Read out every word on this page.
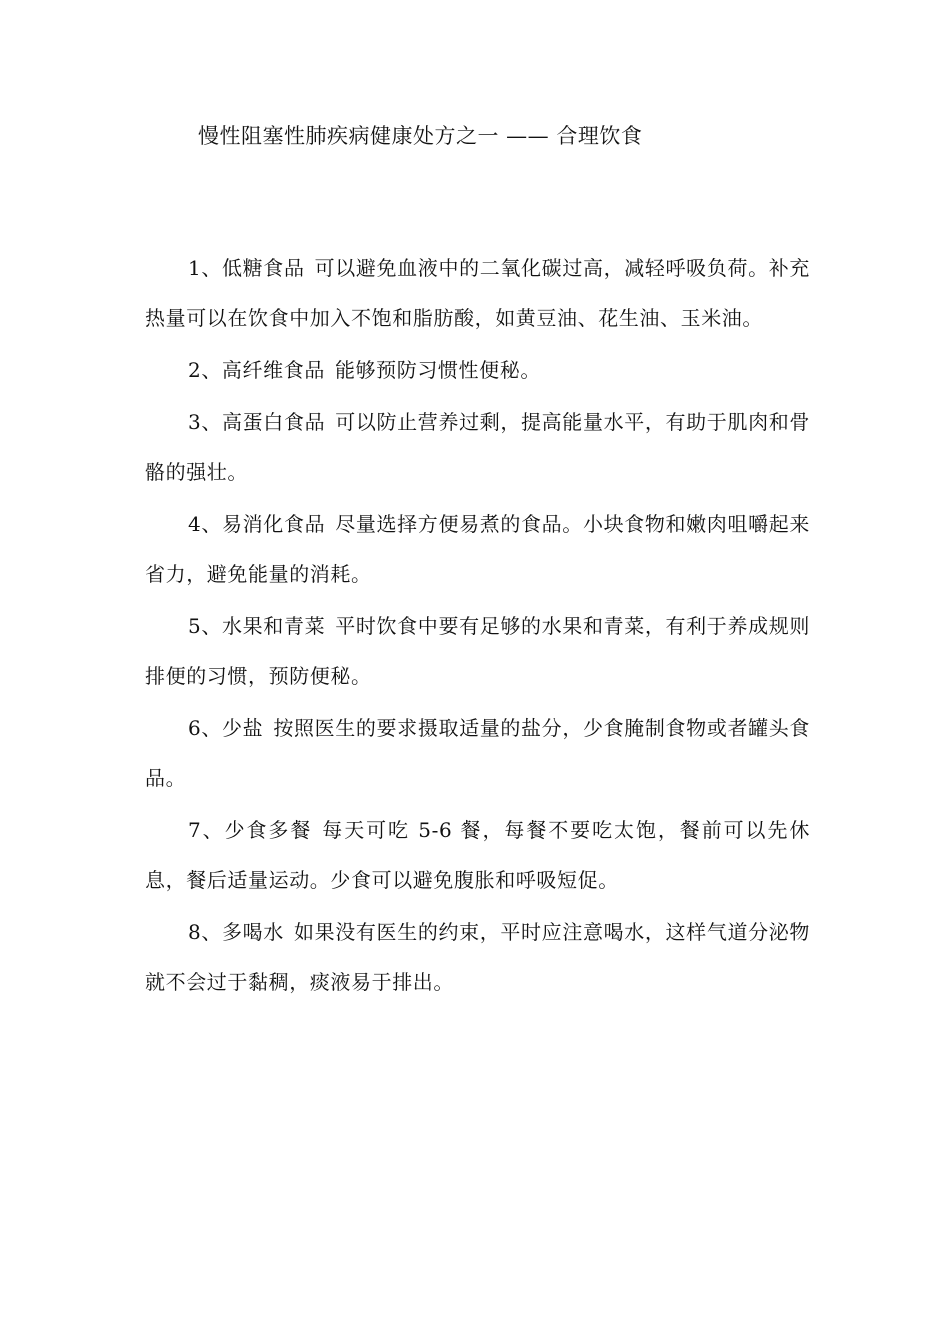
慢性阻塞性肺疾病健康处方之一 —— 合理饮食

1、低糖食品 可以避免血液中的二氧化碳过高，减轻呼吸负荷。补充热量可以在饮食中加入不饱和脂肪酸，如黄豆油、花生油、玉米油。

2、高纤维食品 能够预防习惯性便秘。

3、高蛋白食品 可以防止营养过剩，提高能量水平，有助于肌肉和骨骼的强壮。

4、易消化食品 尽量选择方便易煮的食品。小块食物和嫩肉咀嚼起来省力，避免能量的消耗。

5、水果和青菜 平时饮食中要有足够的水果和青菜，有利于养成规则排便的习惯，预防便秘。

6、少盐 按照医生的要求摄取适量的盐分，少食腌制食物或者罐头食品。

7、少食多餐 每天可吃 5-6 餐，每餐不要吃太饱，餐前可以先休息，餐后适量运动。少食可以避免腹胀和呼吸短促。

8、多喝水 如果没有医生的约束，平时应注意喝水，这样气道分泌物就不会过于黏稠，痰液易于排出。
